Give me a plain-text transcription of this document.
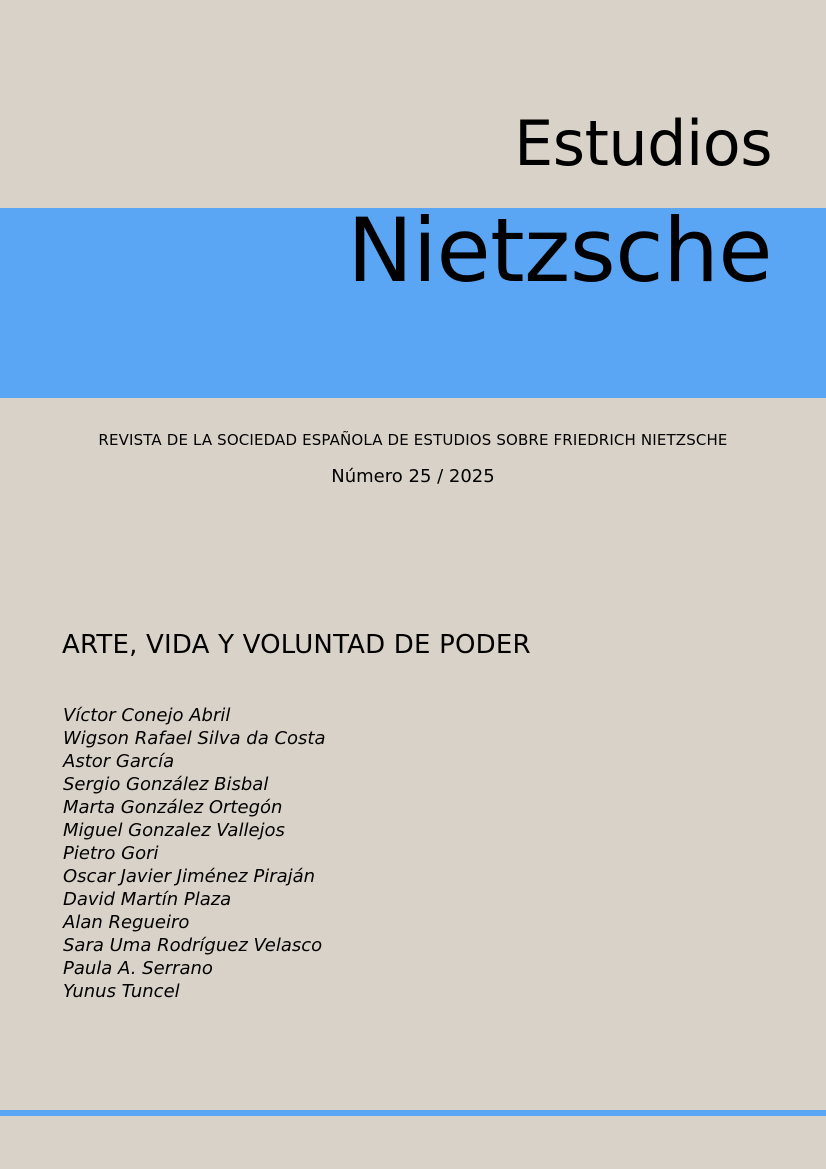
Estudios
Nietzsche
REVISTA DE LA SOCIEDAD ESPAÑOLA DE ESTUDIOS SOBRE FRIEDRICH NIETZSCHE
Número 25 / 2025
ARTE, VIDA Y VOLUNTAD DE PODER
Víctor Conejo Abril
Wigson Rafael Silva da Costa
Astor García
Sergio González Bisbal
Marta González Ortegón
Miguel Gonzalez Vallejos
Pietro Gori
Oscar Javier Jiménez Piraján
David Martín Plaza
Alan Regueiro
Sara Uma Rodríguez Velasco
Paula A. Serrano
Yunus Tuncel
